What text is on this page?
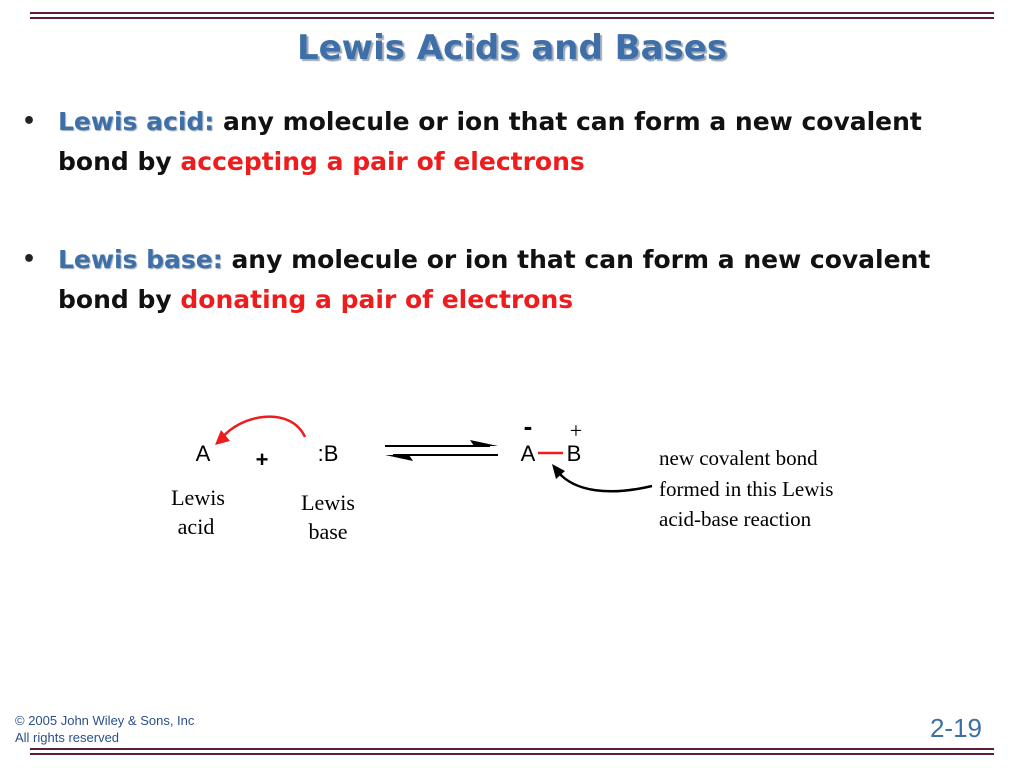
Lewis Acids and Bases
• Lewis acid: any molecule or ion that can form a new covalent bond by accepting a pair of electrons
• Lewis base: any molecule or ion that can form a new covalent bond by donating a pair of electrons
A + :B	A B
- +
Lewis
acid
Lewis
base
new covalent bond
formed in this Lewis
acid-base reaction
© 2005 John Wiley & Sons, Inc
All rights reserved	2-19
